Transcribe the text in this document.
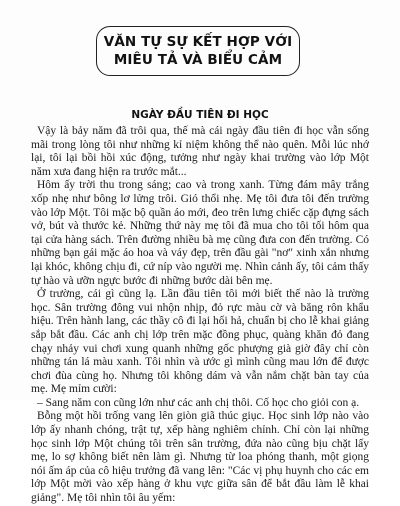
VĂN TỰ SỰ KẾT HỢP VỚI
MIÊU TẢ VÀ BIỂU CẢM
NGÀY ĐẦU TIÊN ĐI HỌC

Vậy là bảy năm đã trôi qua, thế mà cái ngày đầu tiên đi học vẫn sống mãi trong lòng tôi như những kỉ niệm không thể nào quên. Mỗi lúc nhớ lại, tôi lại bồi hồi xúc động, tưởng như ngày khai trường vào lớp Một năm xưa đang hiện ra trước mắt...

Hôm ấy trời thu trong sáng; cao và trong xanh. Từng đám mây trắng xốp nhẹ như bông lơ lửng trôi. Gió thổi nhẹ. Mẹ tôi đưa tôi đến trường vào lớp Một. Tôi mặc bộ quần áo mới, đeo trên lưng chiếc cặp đựng sách vở, bút và thước kẻ. Những thứ này mẹ tôi đã mua cho tôi tối hôm qua tại cửa hàng sách. Trên đường nhiều bà mẹ cũng đưa con đến trường. Có những bạn gái mặc áo hoa và váy đẹp, trên đầu gài "nơ" xinh xắn nhưng lại khóc, không chịu đi, cứ níp vào người mẹ. Nhìn cảnh ấy, tôi cảm thấy tự hào và ưỡn ngực bước đi những bước dài bên mẹ.

Ở trường, cái gì cũng lạ. Lần đầu tiên tôi mới biết thế nào là trường học. Sân trường đông vui nhộn nhịp, đỏ rực màu cờ và băng rôn khẩu hiệu. Trên hành lang, các thầy cô đi lại hối hả, chuẩn bị cho lễ khai giảng sắp bắt đầu. Các anh chị lớp trên mặc đồng phục, quàng khăn đỏ đang chạy nhảy vui chơi xung quanh những gốc phượng già giờ đây chỉ còn những tán lá màu xanh. Tôi nhìn và ước gì mình cũng mau lớn để được chơi đùa cùng họ. Nhưng tôi không dám và vẫn nắm chặt bàn tay của mẹ. Mẹ mỉm cười:

– Sang năm con cũng lớn như các anh chị thôi. Cố học cho giỏi con ạ.

Bỗng một hồi trống vang lên giòn giã thúc giục. Học sinh lớp nào vào lớp ấy nhanh chóng, trật tự, xếp hàng nghiêm chỉnh. Chỉ còn lại những học sinh lớp Một chúng tôi trên sân trường, đứa nào cũng bịu chặt lấy mẹ, lo sợ không biết nên làm gì. Nhưng từ loa phóng thanh, một giọng nói ấm áp của cô hiệu trưởng đã vang lên: "Các vị phụ huynh cho các em lớp Một mời vào xếp hàng ở khu vực giữa sân để bắt đầu làm lễ khai giảng". Mẹ tôi nhìn tôi âu yếm:
